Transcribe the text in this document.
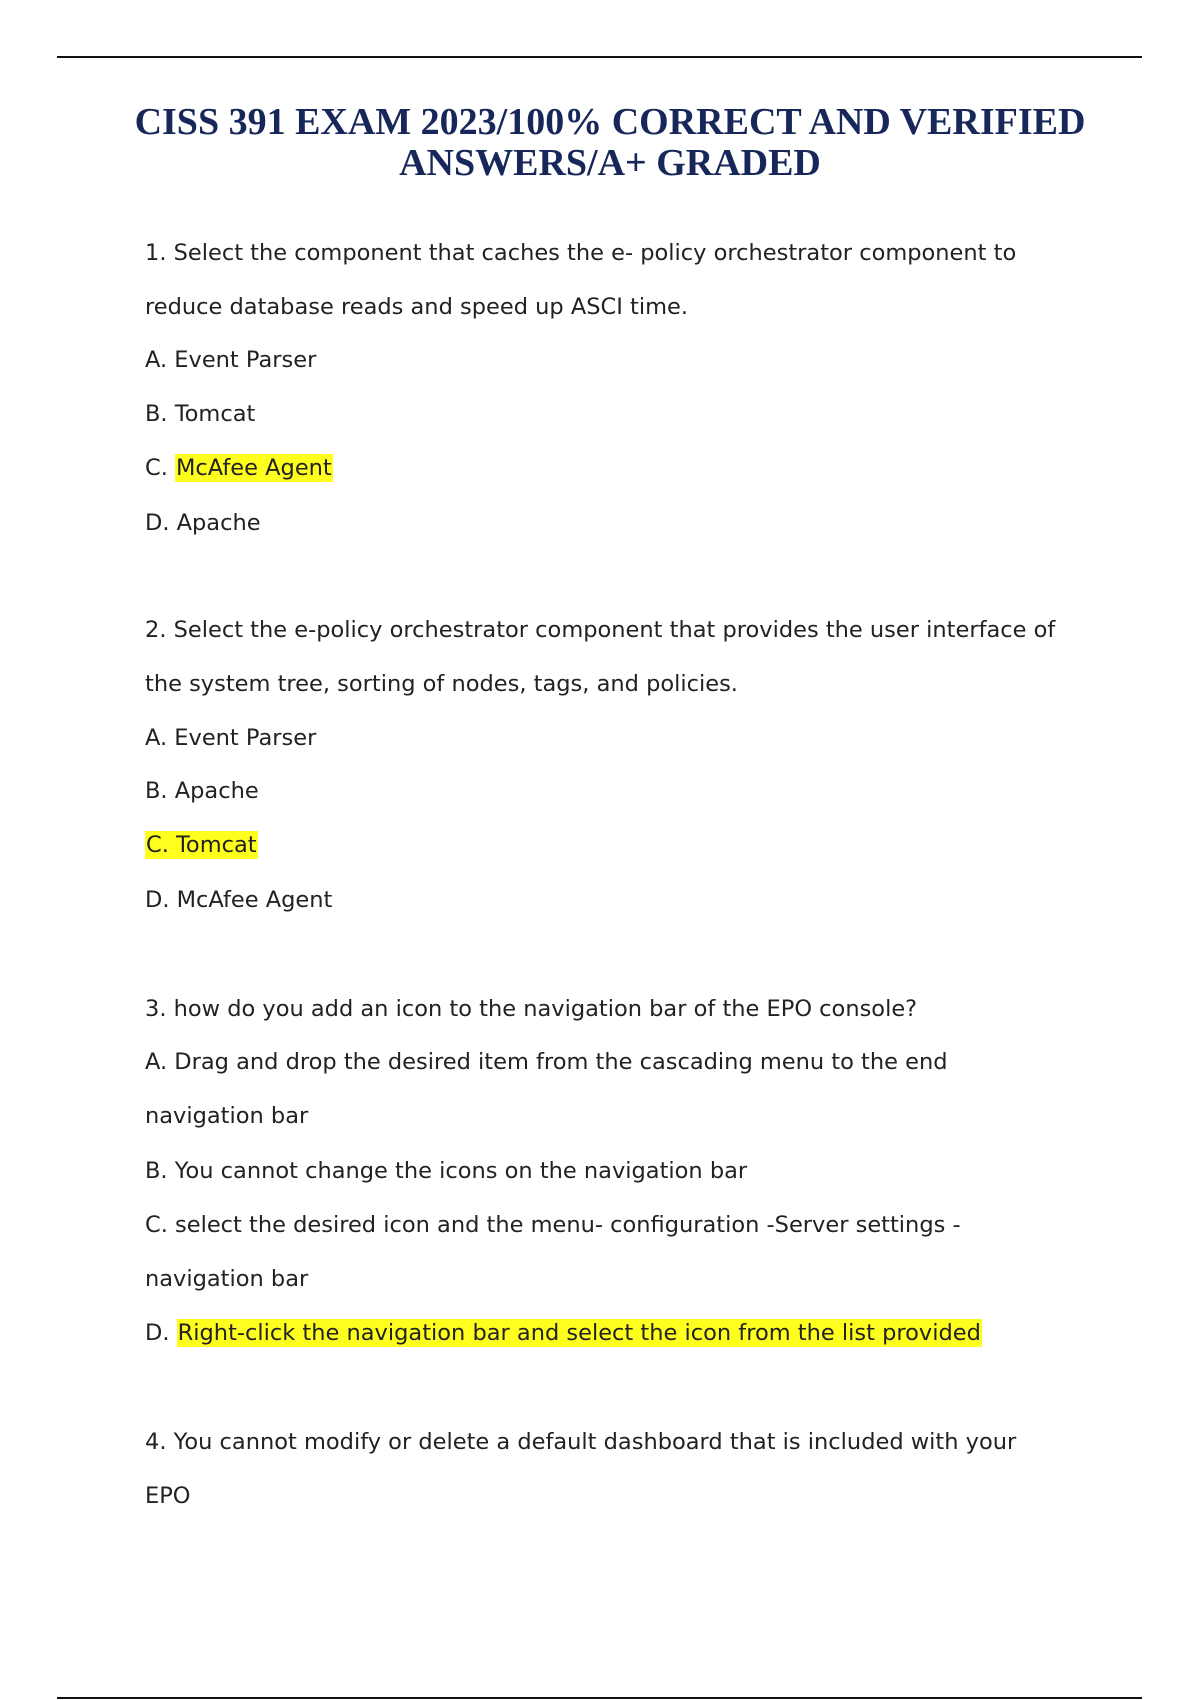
CISS 391 EXAM 2023/100% CORRECT AND VERIFIED
ANSWERS/A+ GRADED
1. Select the component that caches the e- policy orchestrator component to
reduce database reads and speed up ASCI time.
A. Event Parser
B. Tomcat
C. McAfee Agent
D. Apache
2. Select the e-policy orchestrator component that provides the user interface of
the system tree, sorting of nodes, tags, and policies.
A. Event Parser
B. Apache
C. Tomcat
D. McAfee Agent
3. how do you add an icon to the navigation bar of the EPO console?
A. Drag and drop the desired item from the cascading menu to the end
navigation bar
B. You cannot change the icons on the navigation bar
C. select the desired icon and the menu- configuration -Server settings -
navigation bar
D. Right-click the navigation bar and select the icon from the list provided
4. You cannot modify or delete a default dashboard that is included with your
EPO
